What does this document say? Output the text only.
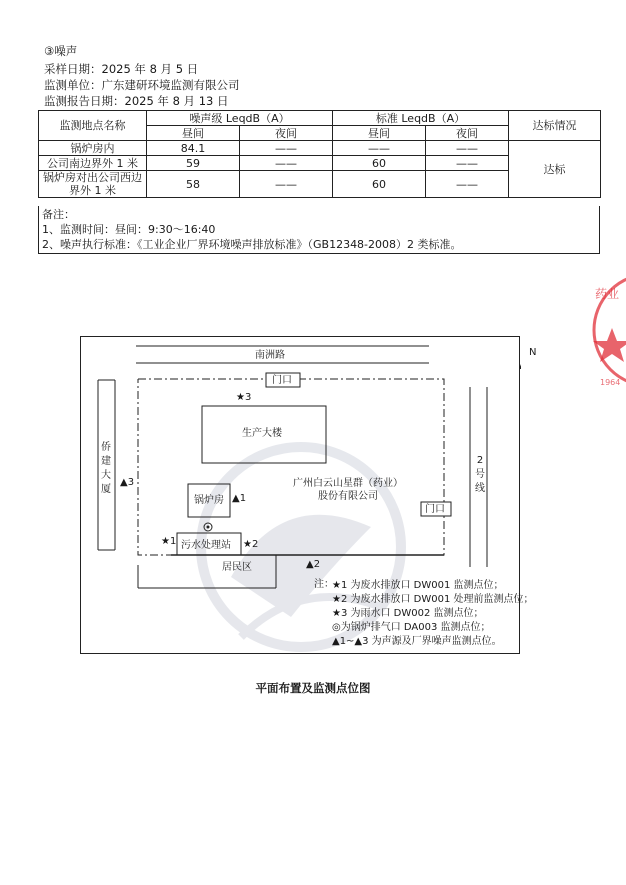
③噪声
采样日期：2025 年 8 月 5 日
监测单位：广东建研环境监测有限公司
监测报告日期：2025 年 8 月 13 日
监测地点名称	噪声级 LeqdB（A）		标准 LeqdB（A）		达标情况
	昼间	夜间	昼间	夜间	
锅炉房内	84.1	——	——	——	达标
公司南边界外 1 米	59	——	60	——	
锅炉房对出公司西边界外 1 米	58	——	60	——	
备注：
1、监测时间：昼间：9:30～16:40
2、噪声执行标准：《工业企业厂界环境噪声排放标准》（GB12348-2008）2 类标准。
药业
1964
南洲路
门口
★3
生产大楼
侨建大厦
▲3
2号线
广州白云山星群（药业）股份有限公司
锅炉房 ▲1
门口
★1 污水处理站 ★2
居民区	▲2
N
注：
★1 为废水排放口 DW001 监测点位；
★2 为废水排放口 DW001 处理前监测点位；
★3 为雨水口 DW002 监测点位；
◎为锅炉排气口 DA003 监测点位；
▲1~▲3 为声源及厂界噪声监测点位。
平面布置及监测点位图
